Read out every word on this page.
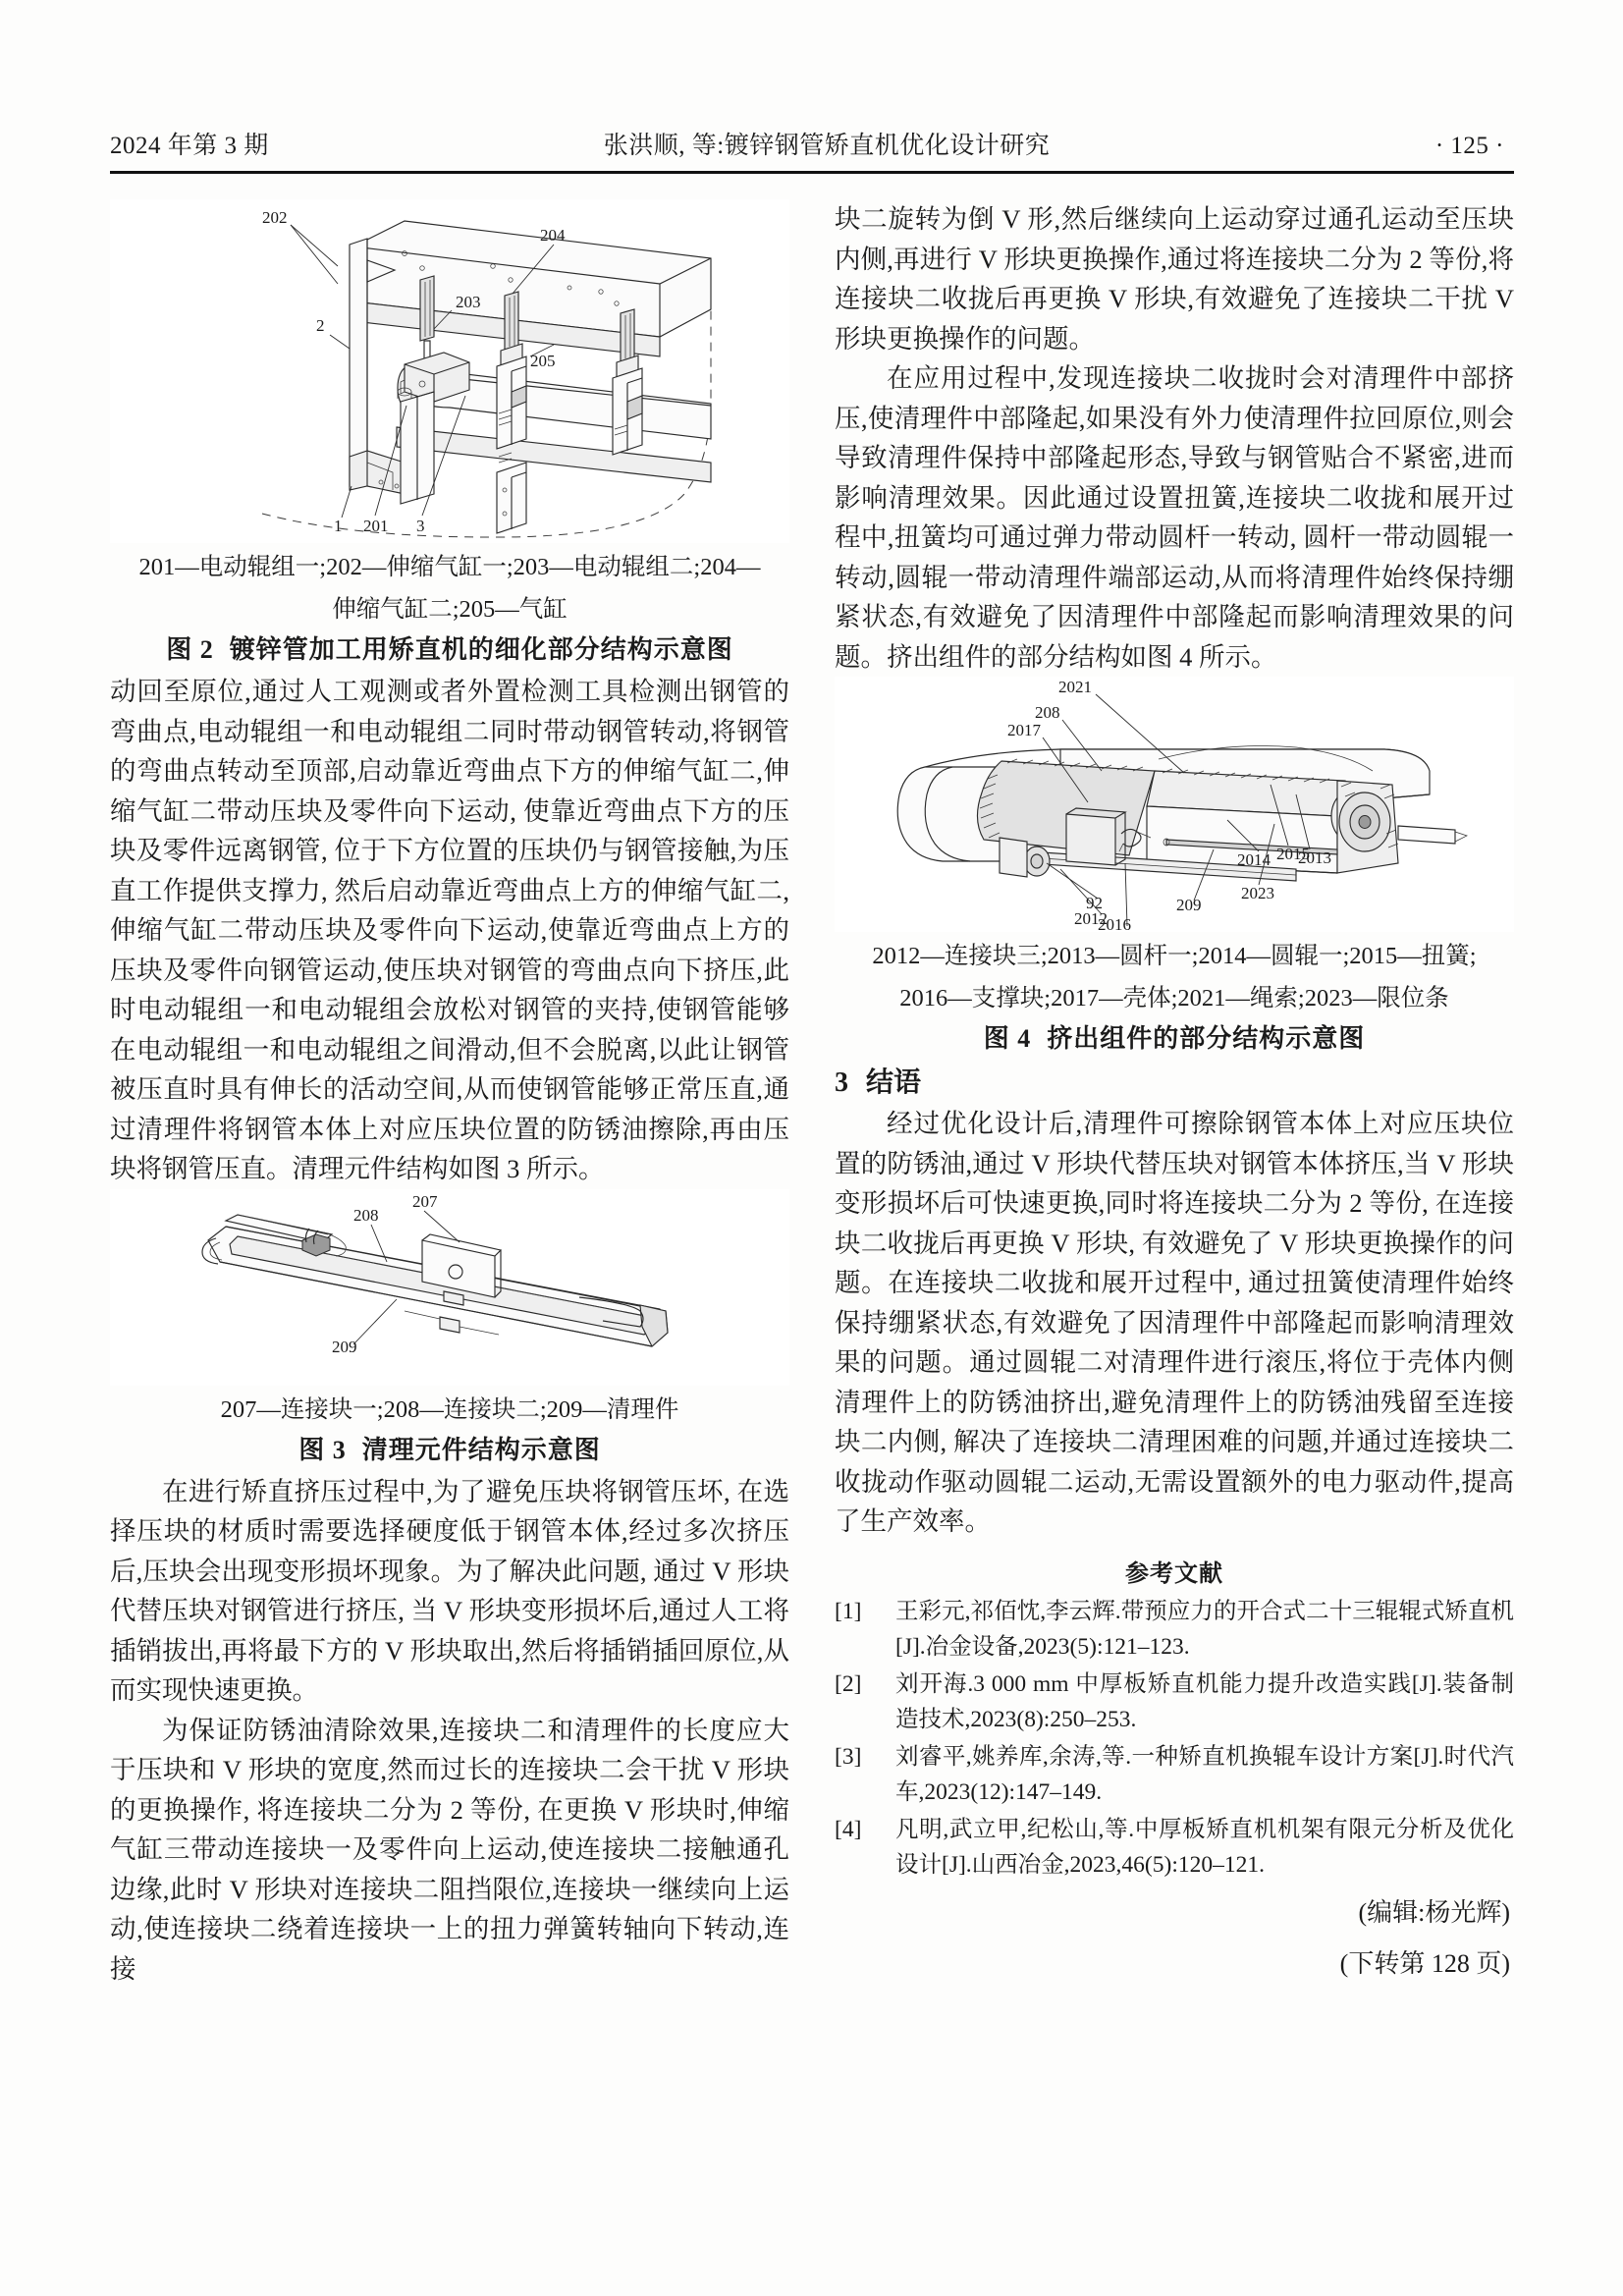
2024 年第 3 期	张洪顺, 等:镀锌钢管矫直机优化设计研究	· 125 ·
202
204
203
205
2
1 201 3
201—电动辊组一;202—伸缩气缸一;203—电动辊组二;204—
伸缩气缸二;205—气缸
图 2 镀锌管加工用矫直机的细化部分结构示意图

动回至原位,通过人工观测或者外置检测工具检测出钢管的弯曲点,电动辊组一和电动辊组二同时带动钢管转动,将钢管的弯曲点转动至顶部,启动靠近弯曲点下方的伸缩气缸二,伸缩气缸二带动压块及零件向下运动, 使靠近弯曲点下方的压块及零件远离钢管, 位于下方位置的压块仍与钢管接触,为压直工作提供支撑力, 然后启动靠近弯曲点上方的伸缩气缸二,伸缩气缸二带动压块及零件向下运动,使靠近弯曲点上方的压块及零件向钢管运动,使压块对钢管的弯曲点向下挤压,此时电动辊组一和电动辊组会放松对钢管的夹持,使钢管能够在电动辊组一和电动辊组之间滑动,但不会脱离,以此让钢管被压直时具有伸长的活动空间,从而使钢管能够正常压直,通过清理件将钢管本体上对应压块位置的防锈油擦除,再由压块将钢管压直。清理元件结构如图 3 所示。

207
208
209
207—连接块一;208—连接块二;209—清理件
图 3 清理元件结构示意图

在进行矫直挤压过程中,为了避免压块将钢管压坏, 在选择压块的材质时需要选择硬度低于钢管本体,经过多次挤压后,压块会出现变形损坏现象。为了解决此问题, 通过 V 形块代替压块对钢管进行挤压, 当 V 形块变形损坏后,通过人工将插销拔出,再将最下方的 V 形块取出,然后将插销插回原位,从而实现快速更换。

为保证防锈油清除效果,连接块二和清理件的长度应大于压块和 V 形块的宽度,然而过长的连接块二会干扰 V 形块的更换操作, 将连接块二分为 2 等份, 在更换 V 形块时,伸缩气缸三带动连接块一及零件向上运动,使连接块二接触通孔边缘,此时 V 形块对连接块二阻挡限位,连接块一继续向上运动,使连接块二绕着连接块一上的扭力弹簧转轴向下转动,连接

块二旋转为倒 V 形,然后继续向上运动穿过通孔运动至压块内侧,再进行 V 形块更换操作,通过将连接块二分为 2 等份,将连接块二收拢后再更换 V 形块,有效避免了连接块二干扰 V 形块更换操作的问题。

在应用过程中,发现连接块二收拢时会对清理件中部挤压,使清理件中部隆起,如果没有外力使清理件拉回原位,则会导致清理件保持中部隆起形态,导致与钢管贴合不紧密,进而影响清理效果。因此通过设置扭簧,连接块二收拢和展开过程中,扭簧均可通过弹力带动圆杆一转动, 圆杆一带动圆辊一转动,圆辊一带动清理件端部运动,从而将清理件始终保持绷紧状态,有效避免了因清理件中部隆起而影响清理效果的问题。挤出组件的部分结构如图 4 所示。

2021
208
2017
2014 2015
2013
2023
92
2012
2016
209
2012—连接块三;2013—圆杆一;2014—圆辊一;2015—扭簧;
2016—支撑块;2017—壳体;2021—绳索;2023—限位条
图 4 挤出组件的部分结构示意图
3 结语

经过优化设计后,清理件可擦除钢管本体上对应压块位置的防锈油,通过 V 形块代替压块对钢管本体挤压,当 V 形块变形损坏后可快速更换,同时将连接块二分为 2 等份, 在连接块二收拢后再更换 V 形块, 有效避免了 V 形块更换操作的问题。在连接块二收拢和展开过程中, 通过扭簧使清理件始终保持绷紧状态,有效避免了因清理件中部隆起而影响清理效果的问题。通过圆辊二对清理件进行滚压,将位于壳体内侧清理件上的防锈油挤出,避免清理件上的防锈油残留至连接块二内侧, 解决了连接块二清理困难的问题,并通过连接块二收拢动作驱动圆辊二运动,无需设置额外的电力驱动件,提高了生产效率。

参考文献
[1]	王彩元,祁佰忱,李云辉.带预应力的开合式二十三辊辊式矫直机[J].冶金设备,2023(5):121–123.
[2]	刘开海.3 000 mm 中厚板矫直机能力提升改造实践[J].装备制造技术,2023(8):250–253.
[3]	刘睿平,姚养库,余涛,等.一种矫直机换辊车设计方案[J].时代汽车,2023(12):147–149.
[4]	凡明,武立甲,纪松山,等.中厚板矫直机机架有限元分析及优化设计[J].山西冶金,2023,46(5):120–121.
(编辑:杨光辉)
(下转第 128 页)
